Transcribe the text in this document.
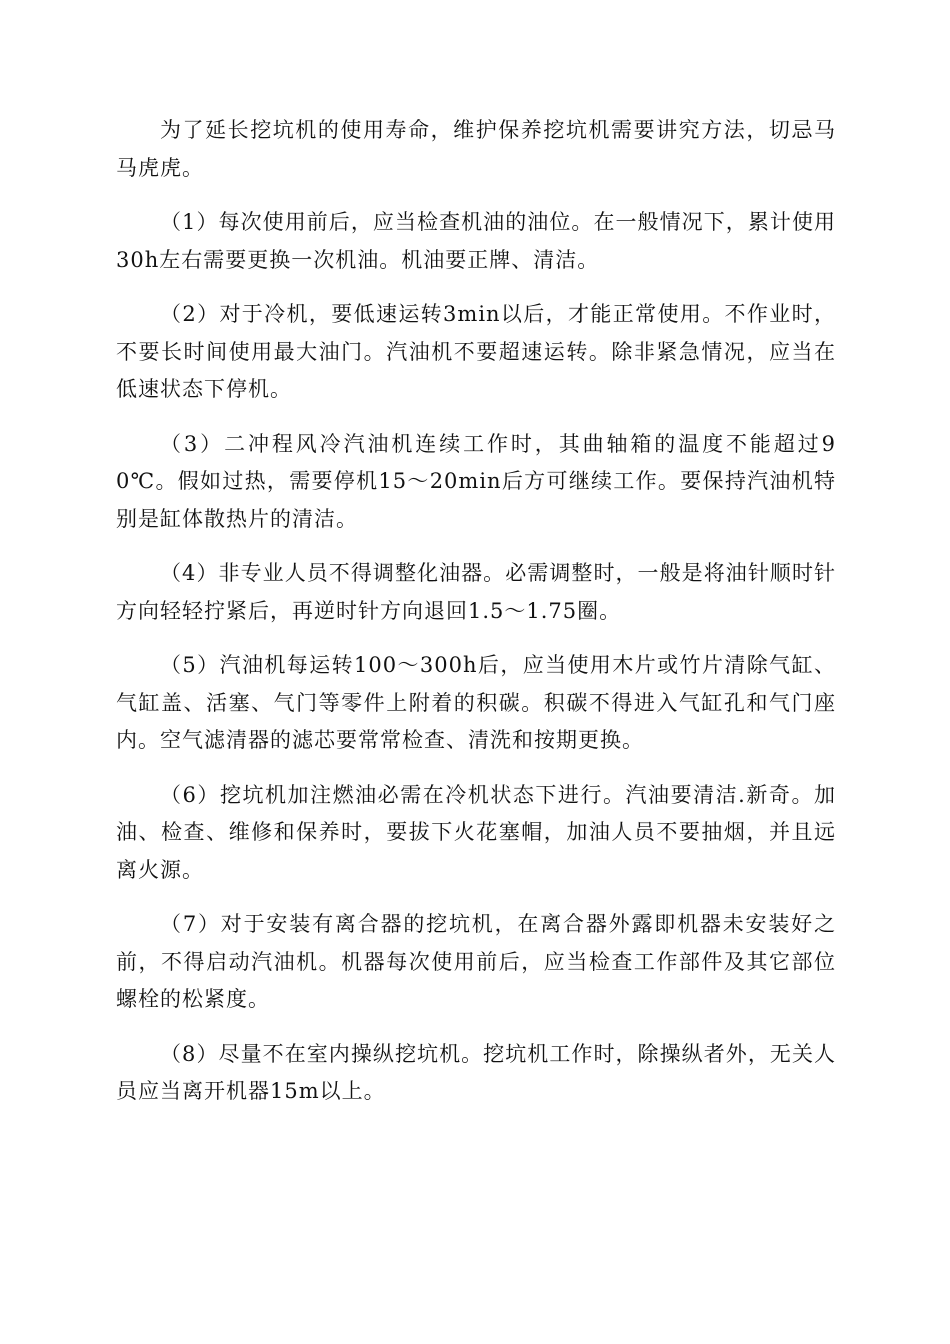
为了延长挖坑机的使用寿命，维护保养挖坑机需要讲究方法，切忌马马虎虎。

（1）每次使用前后，应当检查机油的油位。在一般情况下，累计使用30h左右需要更换一次机油。机油要正牌、清洁。

（2）对于冷机，要低速运转3min以后，才能正常使用。不作业时，不要长时间使用最大油门。汽油机不要超速运转。除非紧急情况，应当在低速状态下停机。

（3）二冲程风冷汽油机连续工作时，其曲轴箱的温度不能超过90℃。假如过热，需要停机15～20min后方可继续工作。要保持汽油机特别是缸体散热片的清洁。

（4）非专业人员不得调整化油器。必需调整时，一般是将油针顺时针方向轻轻拧紧后，再逆时针方向退回1.5～1.75圈。

（5）汽油机每运转100～300h后，应当使用木片或竹片清除气缸、气缸盖、活塞、气门等零件上附着的积碳。积碳不得进入气缸孔和气门座内。空气滤清器的滤芯要常常检查、清洗和按期更换。

（6）挖坑机加注燃油必需在冷机状态下进行。汽油要清洁.新奇。加油、检查、维修和保养时，要拔下火花塞帽，加油人员不要抽烟，并且远离火源。

（7）对于安装有离合器的挖坑机，在离合器外露即机器未安装好之前，不得启动汽油机。机器每次使用前后，应当检查工作部件及其它部位螺栓的松紧度。

（8）尽量不在室内操纵挖坑机。挖坑机工作时，除操纵者外，无关人员应当离开机器15m以上。
